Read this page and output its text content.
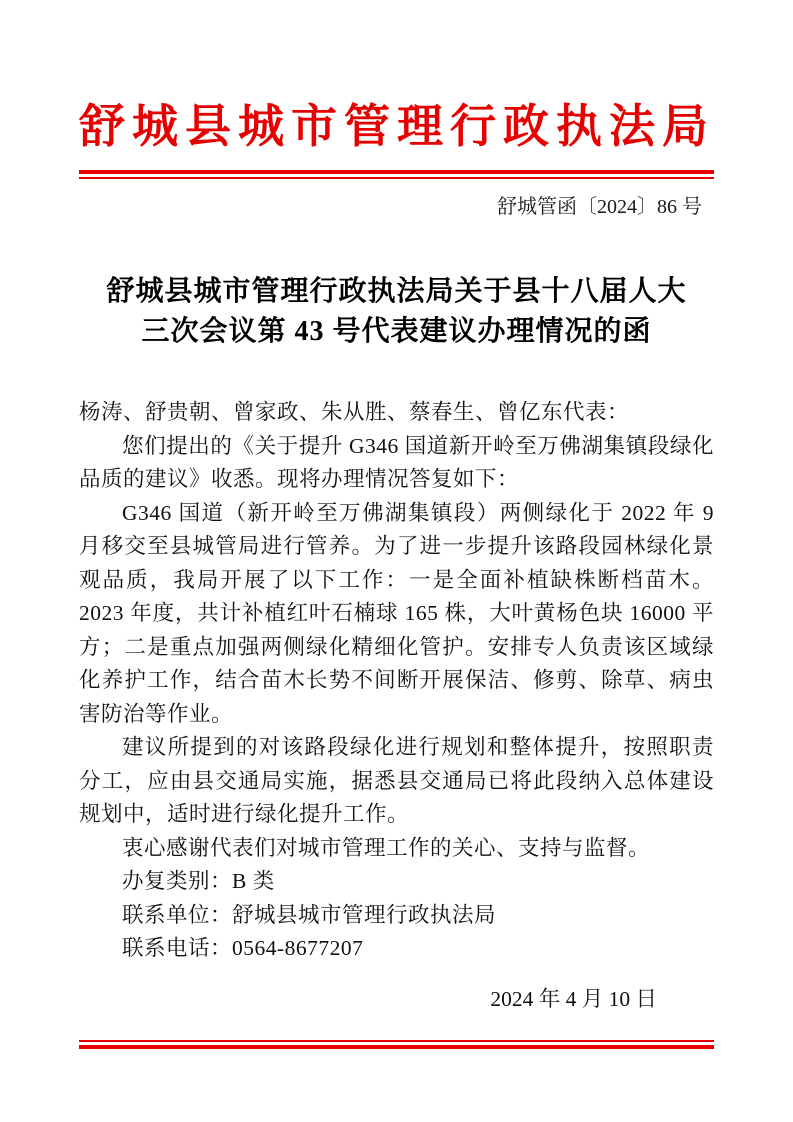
舒城县城市管理行政执法局
舒城管函〔2024〕86 号
舒城县城市管理行政执法局关于县十八届人大
三次会议第 43 号代表建议办理情况的函

杨涛、舒贵朝、曾家政、朱从胜、蔡春生、曾亿东代表：

您们提出的《关于提升 G346 国道新开岭至万佛湖集镇段绿化品质的建议》收悉。现将办理情况答复如下：

G346 国道（新开岭至万佛湖集镇段）两侧绿化于 2022 年 9 月移交至县城管局进行管养。为了进一步提升该路段园林绿化景观品质，我局开展了以下工作：一是全面补植缺株断档苗木。2023 年度，共计补植红叶石楠球 165 株，大叶黄杨色块 16000 平方；二是重点加强两侧绿化精细化管护。安排专人负责该区域绿化养护工作，结合苗木长势不间断开展保洁、修剪、除草、病虫害防治等作业。

建议所提到的对该路段绿化进行规划和整体提升，按照职责分工，应由县交通局实施，据悉县交通局已将此段纳入总体建设规划中，适时进行绿化提升工作。

衷心感谢代表们对城市管理工作的关心、支持与监督。

办复类别：B 类

联系单位：舒城县城市管理行政执法局

联系电话：0564-8677207

2024 年 4 月 10 日
